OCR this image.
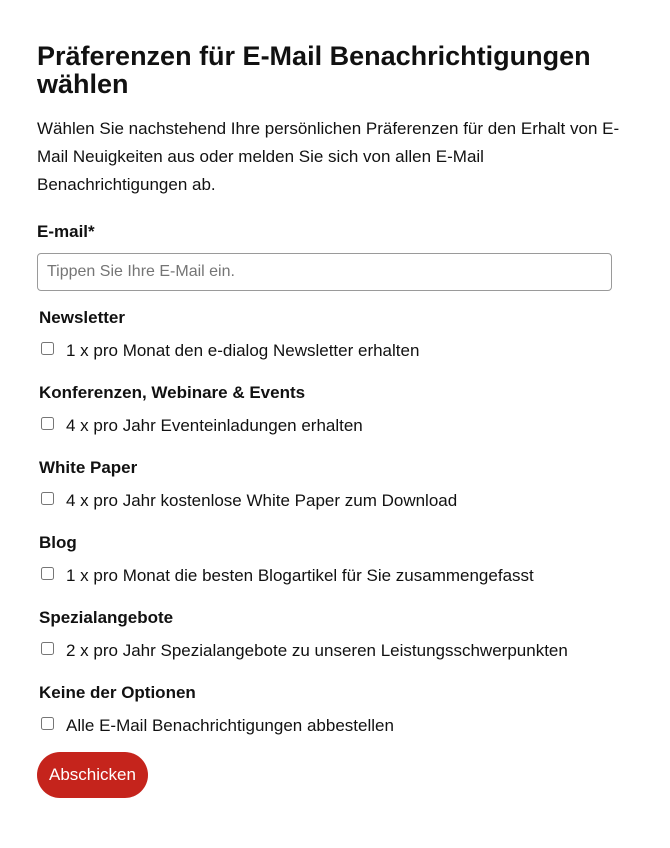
Präferenzen für E-Mail Benachrichtigungen wählen

Wählen Sie nachstehend Ihre persönlichen Präferenzen für den Erhalt von E-Mail Neuigkeiten aus oder melden Sie sich von allen E-Mail Benachrichtigungen ab.

E-mail*
Tippen Sie Ihre E-Mail ein.
Newsletter
1 x pro Monat den e-dialog Newsletter erhalten
Konferenzen, Webinare & Events
4 x pro Jahr Eventeinladungen erhalten
White Paper
4 x pro Jahr kostenlose White Paper zum Download
Blog
1 x pro Monat die besten Blogartikel für Sie zusammengefasst
Spezialangebote
2 x pro Jahr Spezialangebote zu unseren Leistungsschwerpunkten
Keine der Optionen
Alle E-Mail Benachrichtigungen abbestellen
Abschicken
